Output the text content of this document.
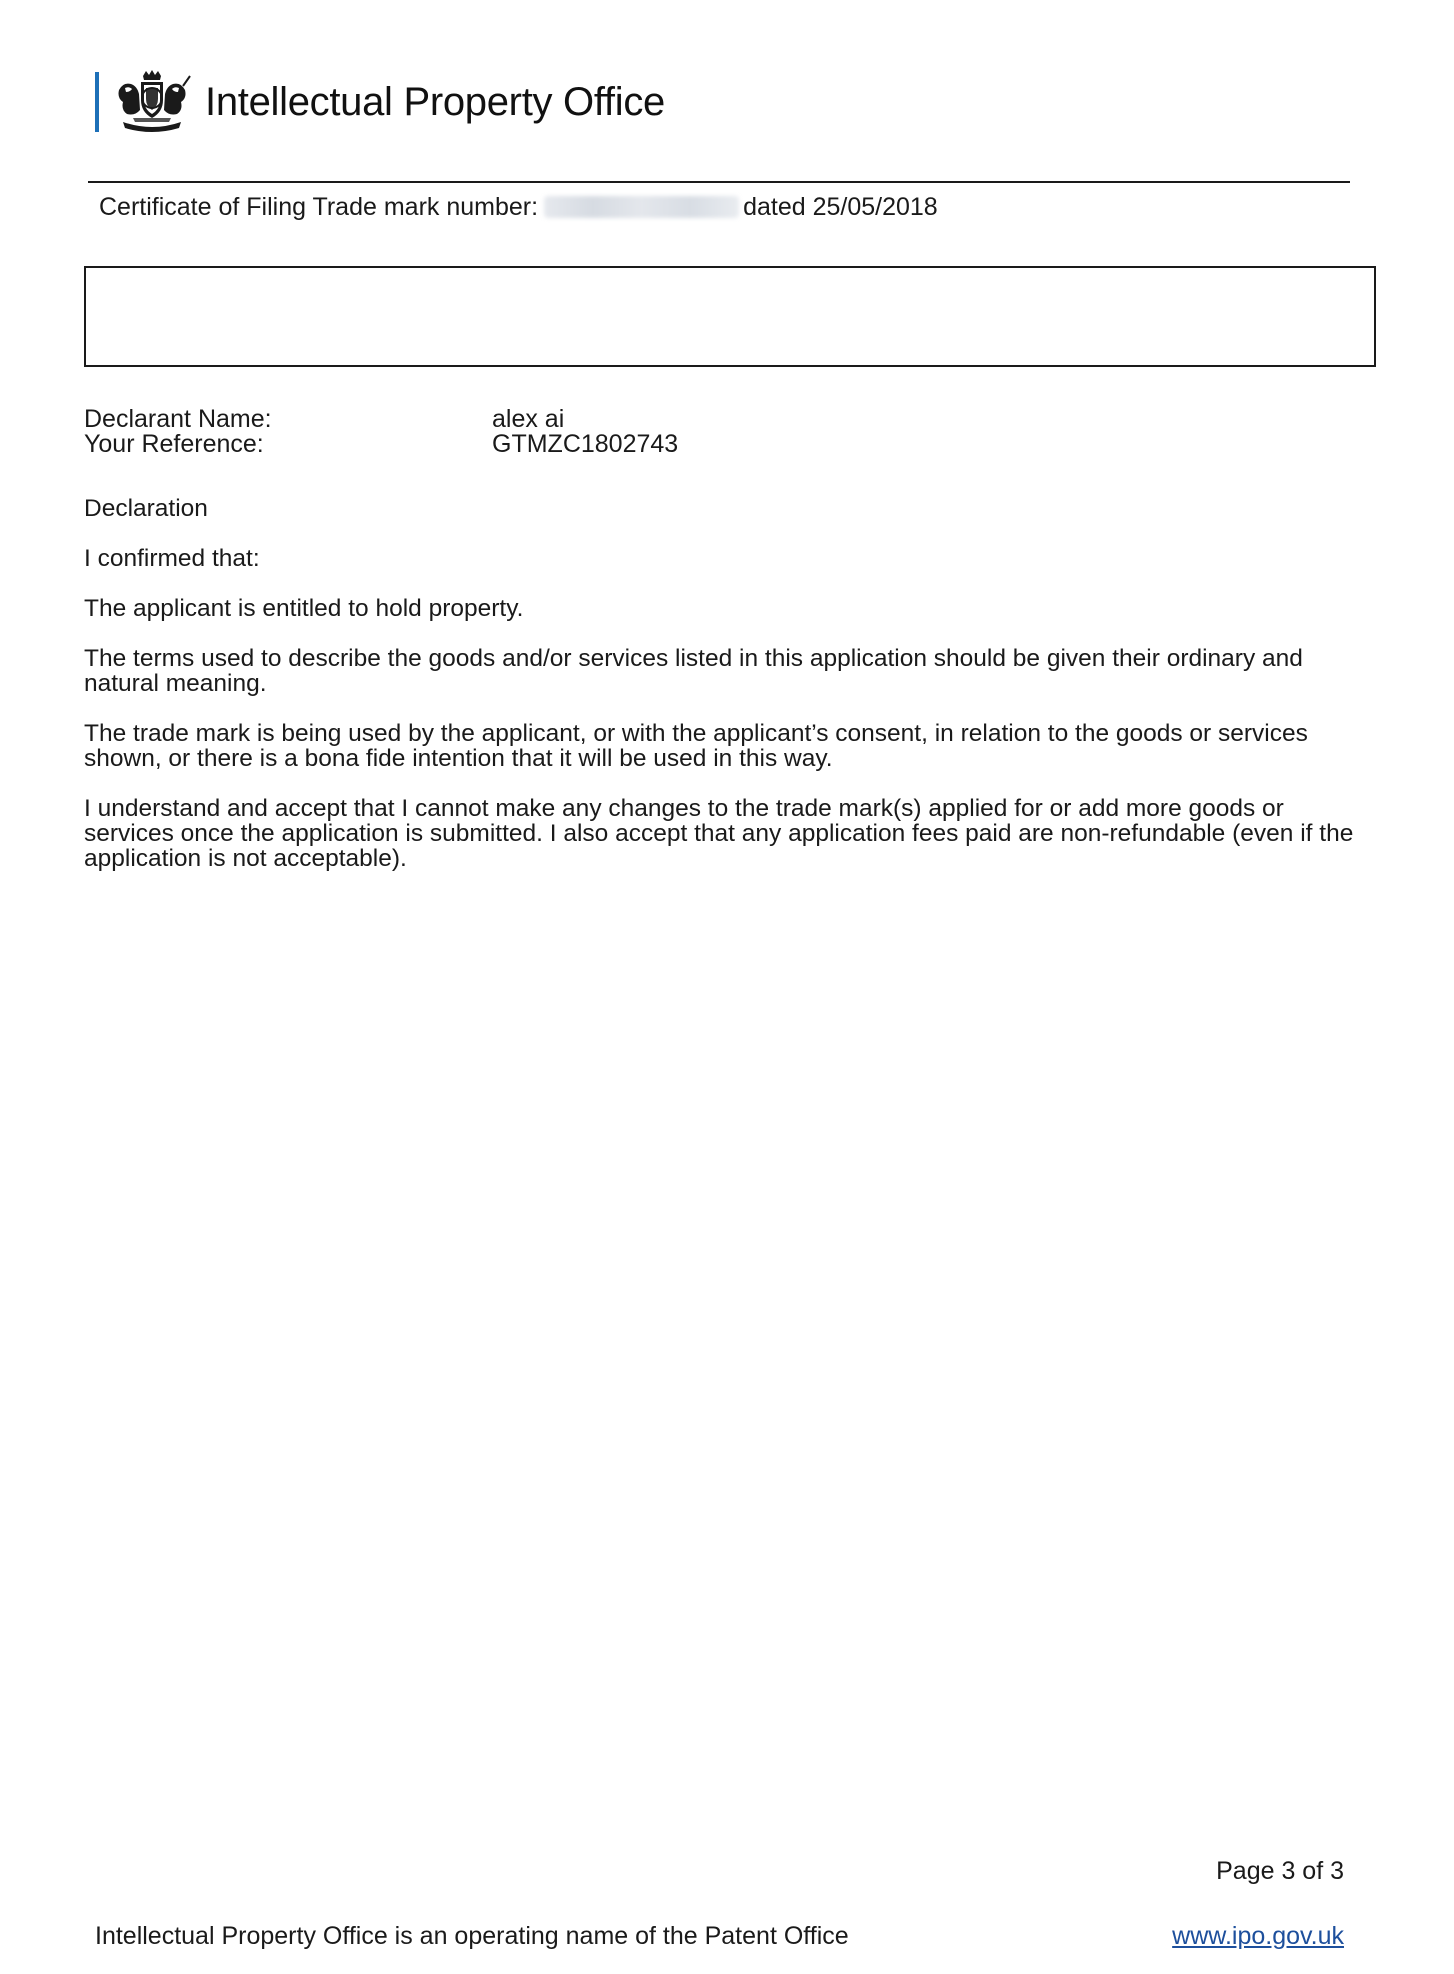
Intellectual Property Office
Certificate of Filing Trade mark number:	dated 25/05/2018
Declarant Name:	alex ai
Your Reference:	GTMZC1802743

Declaration

I confirmed that:

The applicant is entitled to hold property.

The terms used to describe the goods and/or services listed in this application should be given their ordinary and natural meaning.

The trade mark is being used by the applicant, or with the applicant’s consent, in relation to the goods or services shown, or there is a bona fide intention that it will be used in this way.

I understand and accept that I cannot make any changes to the trade mark(s) applied for or add more goods or services once the application is submitted. I also accept that any application fees paid are non-refundable (even if the application is not acceptable).

Page 3 of 3
Intellectual Property Office is an operating name of the Patent Office	www.ipo.gov.uk
